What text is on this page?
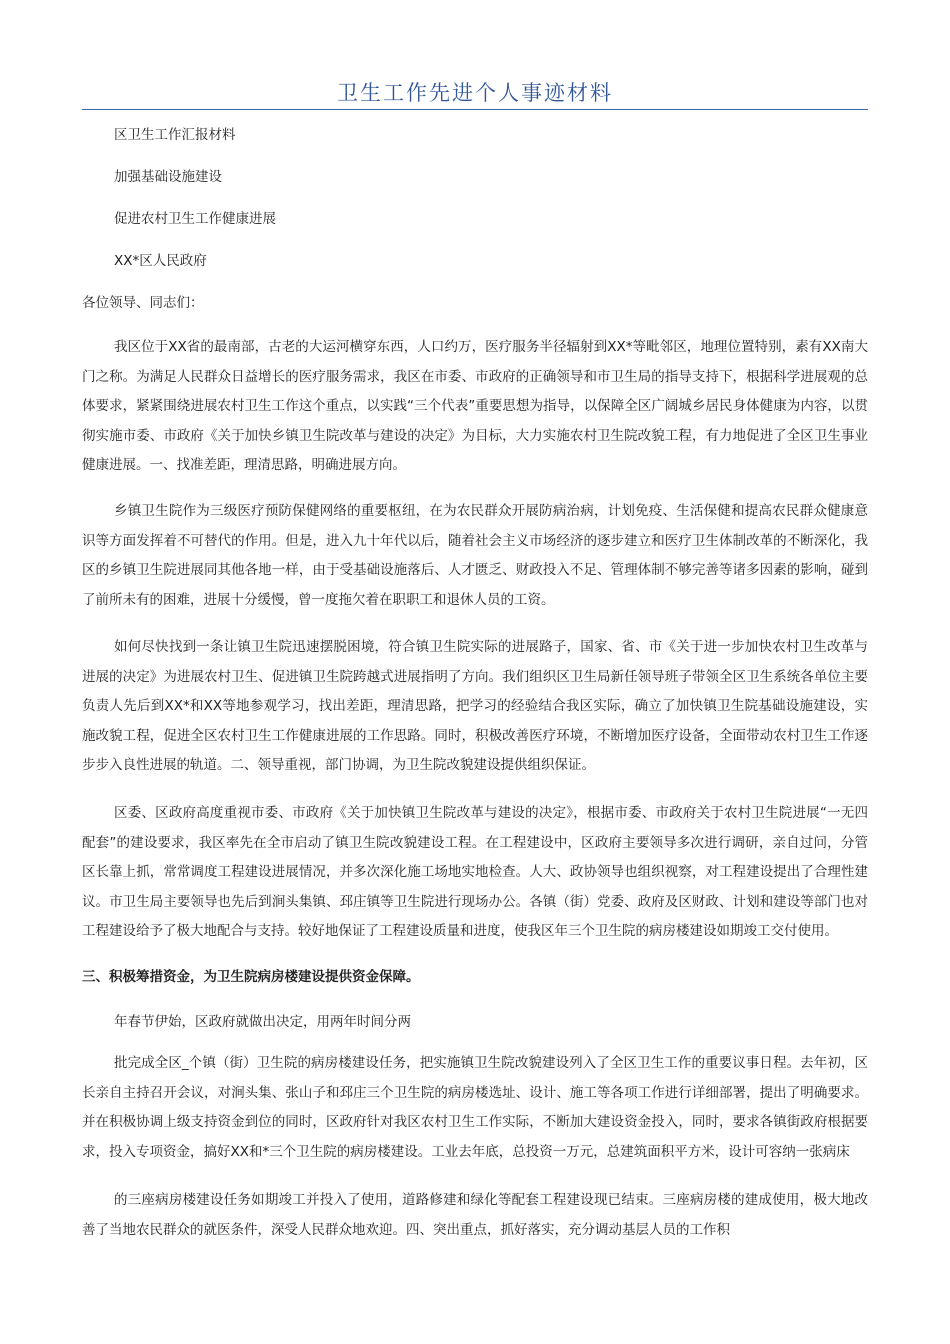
卫生工作先进个人事迹材料
区卫生工作汇报材料
加强基础设施建设
促进农村卫生工作健康进展
XX*区人民政府
各位领导、同志们：
我区位于XX省的最南部，古老的大运河横穿东西，人口约万，医疗服务半径辐射到XX*等毗邻区，地理位置特别，素有XX南大门之称。为满足人民群众日益增长的医疗服务需求，我区在市委、市政府的正确领导和市卫生局的指导支持下，根据科学进展观的总体要求，紧紧围绕进展农村卫生工作这个重点，以实践“三个代表”重要思想为指导，以保障全区广阔城乡居民身体健康为内容，以贯彻实施市委、市政府《关于加快乡镇卫生院改革与建设的决定》为目标，大力实施农村卫生院改貌工程，有力地促进了全区卫生事业健康进展。一、找准差距，理清思路，明确进展方向。
乡镇卫生院作为三级医疗预防保健网络的重要枢纽，在为农民群众开展防病治病，计划免疫、生活保健和提高农民群众健康意识等方面发挥着不可替代的作用。但是，进入九十年代以后，随着社会主义市场经济的逐步建立和医疗卫生体制改革的不断深化，我区的乡镇卫生院进展同其他各地一样，由于受基础设施落后、人才匮乏、财政投入不足、管理体制不够完善等诸多因素的影响，碰到了前所未有的困难，进展十分缓慢，曾一度拖欠着在职职工和退休人员的工资。
如何尽快找到一条让镇卫生院迅速摆脱困境，符合镇卫生院实际的进展路子，国家、省、市《关于进一步加快农村卫生改革与进展的决定》为进展农村卫生、促进镇卫生院跨越式进展指明了方向。我们组织区卫生局新任领导班子带领全区卫生系统各单位主要负责人先后到XX*和XX等地参观学习，找出差距，理清思路，把学习的经验结合我区实际，确立了加快镇卫生院基础设施建设，实施改貌工程，促进全区农村卫生工作健康进展的工作思路。同时，积极改善医疗环境，不断增加医疗设备，全面带动农村卫生工作逐步步入良性进展的轨道。二、领导重视，部门协调，为卫生院改貌建设提供组织保证。
区委、区政府高度重视市委、市政府《关于加快镇卫生院改革与建设的决定》，根据市委、市政府关于农村卫生院进展“一无四配套”的建设要求，我区率先在全市启动了镇卫生院改貌建设工程。在工程建设中，区政府主要领导多次进行调研，亲自过问，分管区长靠上抓，常常调度工程建设进展情况，并多次深化施工场地实地检查。人大、政协领导也组织视察，对工程建设提出了合理性建议。市卫生局主要领导也先后到涧头集镇、邳庄镇等卫生院进行现场办公。各镇（街）党委、政府及区财政、计划和建设等部门也对工程建设给予了极大地配合与支持。较好地保证了工程建设质量和进度，使我区年三个卫生院的病房楼建设如期竣工交付使用。
三、积极筹措资金，为卫生院病房楼建设提供资金保障。
年春节伊始，区政府就做出决定，用两年时间分两
批完成全区_个镇（街）卫生院的病房楼建设任务，把实施镇卫生院改貌建设列入了全区卫生工作的重要议事日程。去年初，区长亲自主持召开会议，对涧头集、张山子和邳庄三个卫生院的病房楼选址、设计、施工等各项工作进行详细部署，提出了明确要求。并在积极协调上级支持资金到位的同时，区政府针对我区农村卫生工作实际，不断加大建设资金投入，同时，要求各镇街政府根据要求，投入专项资金，搞好XX和*三个卫生院的病房楼建设。工业去年底，总投资一万元，总建筑面积平方米，设计可容纳一张病床
的三座病房楼建设任务如期竣工并投入了使用，道路修建和绿化等配套工程建设现已结束。三座病房楼的建成使用，极大地改善了当地农民群众的就医条件，深受人民群众地欢迎。四、突出重点，抓好落实，充分调动基层人员的工作积
